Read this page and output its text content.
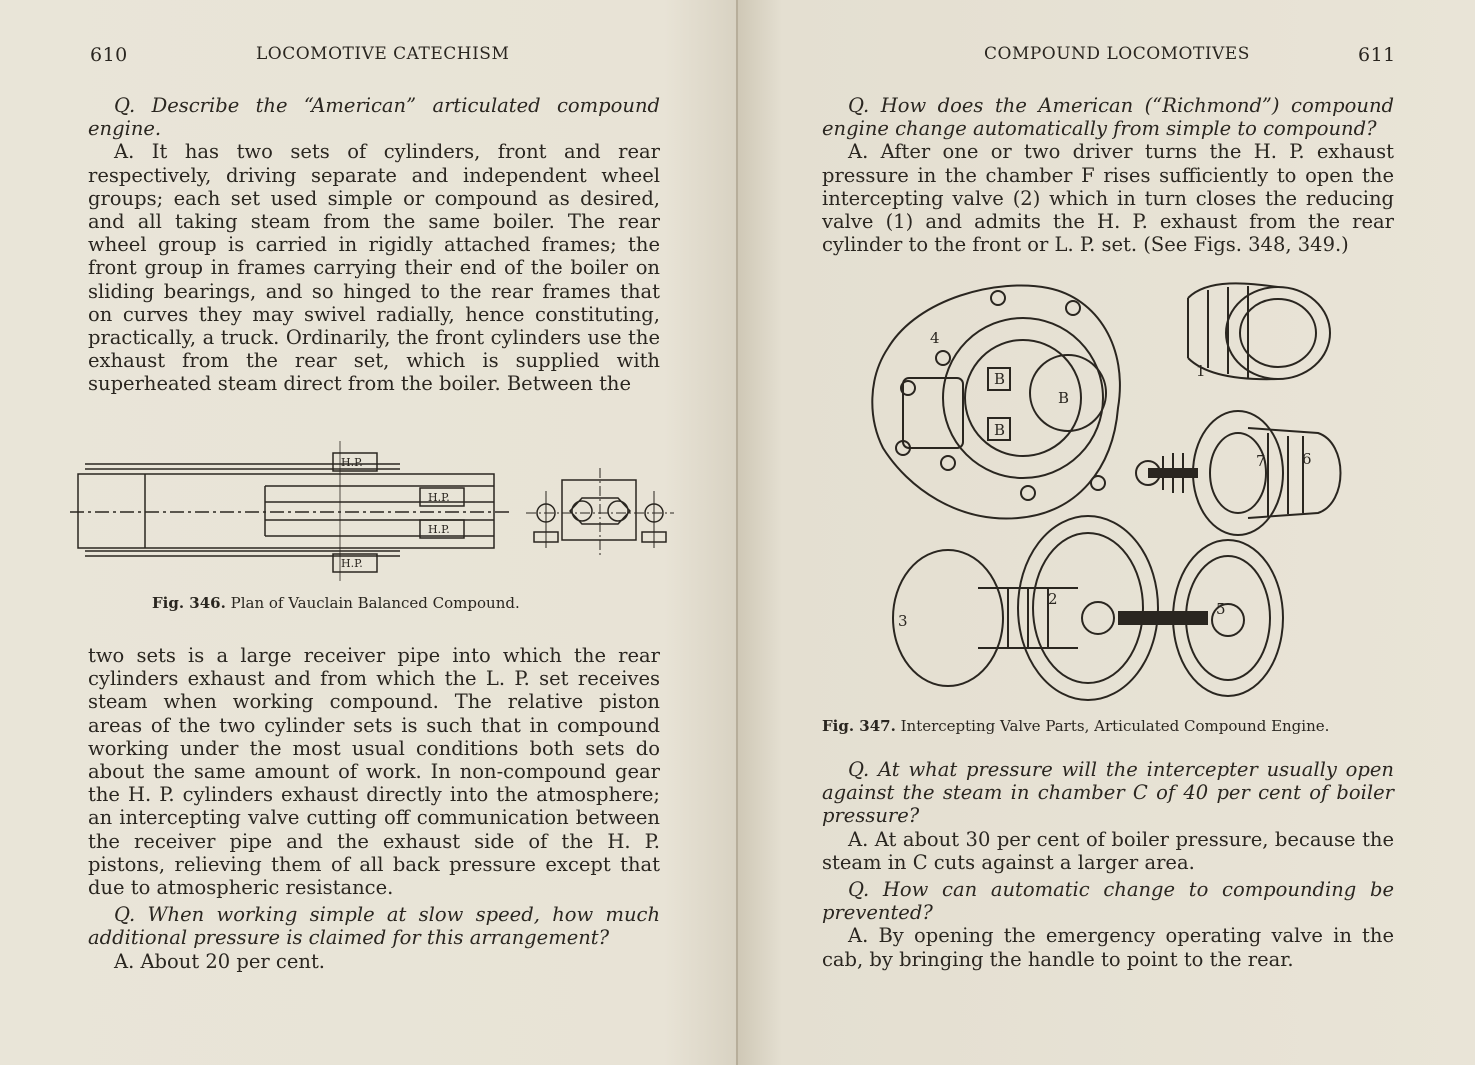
610	LOCOMOTIVE CATECHISM

Q. Describe the “American” articulated compound engine.

A. It has two sets of cylinders, front and rear respectively, driving separate and independent wheel groups; each set used simple or compound as desired, and all taking steam from the same boiler. The rear wheel group is carried in rigidly attached frames; the front group in frames carrying their end of the boiler on sliding bearings, and so hinged to the rear frames that on curves they may swivel radially, hence constituting, practically, a truck. Ordinarily, the front cylinders use the exhaust from the rear set, which is supplied with superheated steam direct from the boiler. Between the

H.P.
H.P.
H.P.
H.P.
Fig. 346. Plan of Vauclain Balanced Compound.

two sets is a large receiver pipe into which the rear cylinders exhaust and from which the L. P. set receives steam when working compound. The relative piston areas of the two cylinder sets is such that in compound working under the most usual conditions both sets do about the same amount of work. In non-compound gear the H. P. cylinders exhaust directly into the atmosphere; an intercepting valve cutting off communication between the receiver pipe and the exhaust side of the H. P. pistons, relieving them of all back pressure except that due to atmospheric resistance.

Q. When working simple at slow speed, how much additional pressure is claimed for this arrangement?

A. About 20 per cent.

COMPOUND LOCOMOTIVES	611

Q. How does the American (“Richmond”) compound engine change automatically from simple to compound?

A. After one or two driver turns the H. P. exhaust pressure in the chamber F rises sufficiently to open the intercepting valve (2) which in turn closes the reducing valve (1) and admits the H. P. exhaust from the rear cylinder to the front or L. P. set. (See Figs. 348, 349.)

4
B
B
B
1
7 6
3
2
5
Fig. 347. Intercepting Valve Parts, Articulated Compound Engine.

Q. At what pressure will the intercepter usually open against the steam in chamber C of 40 per cent of boiler pressure?

A. At about 30 per cent of boiler pressure, because the steam in C cuts against a larger area.

Q. How can automatic change to compounding be prevented?

A. By opening the emergency operating valve in the cab, by bringing the handle to point to the rear.
